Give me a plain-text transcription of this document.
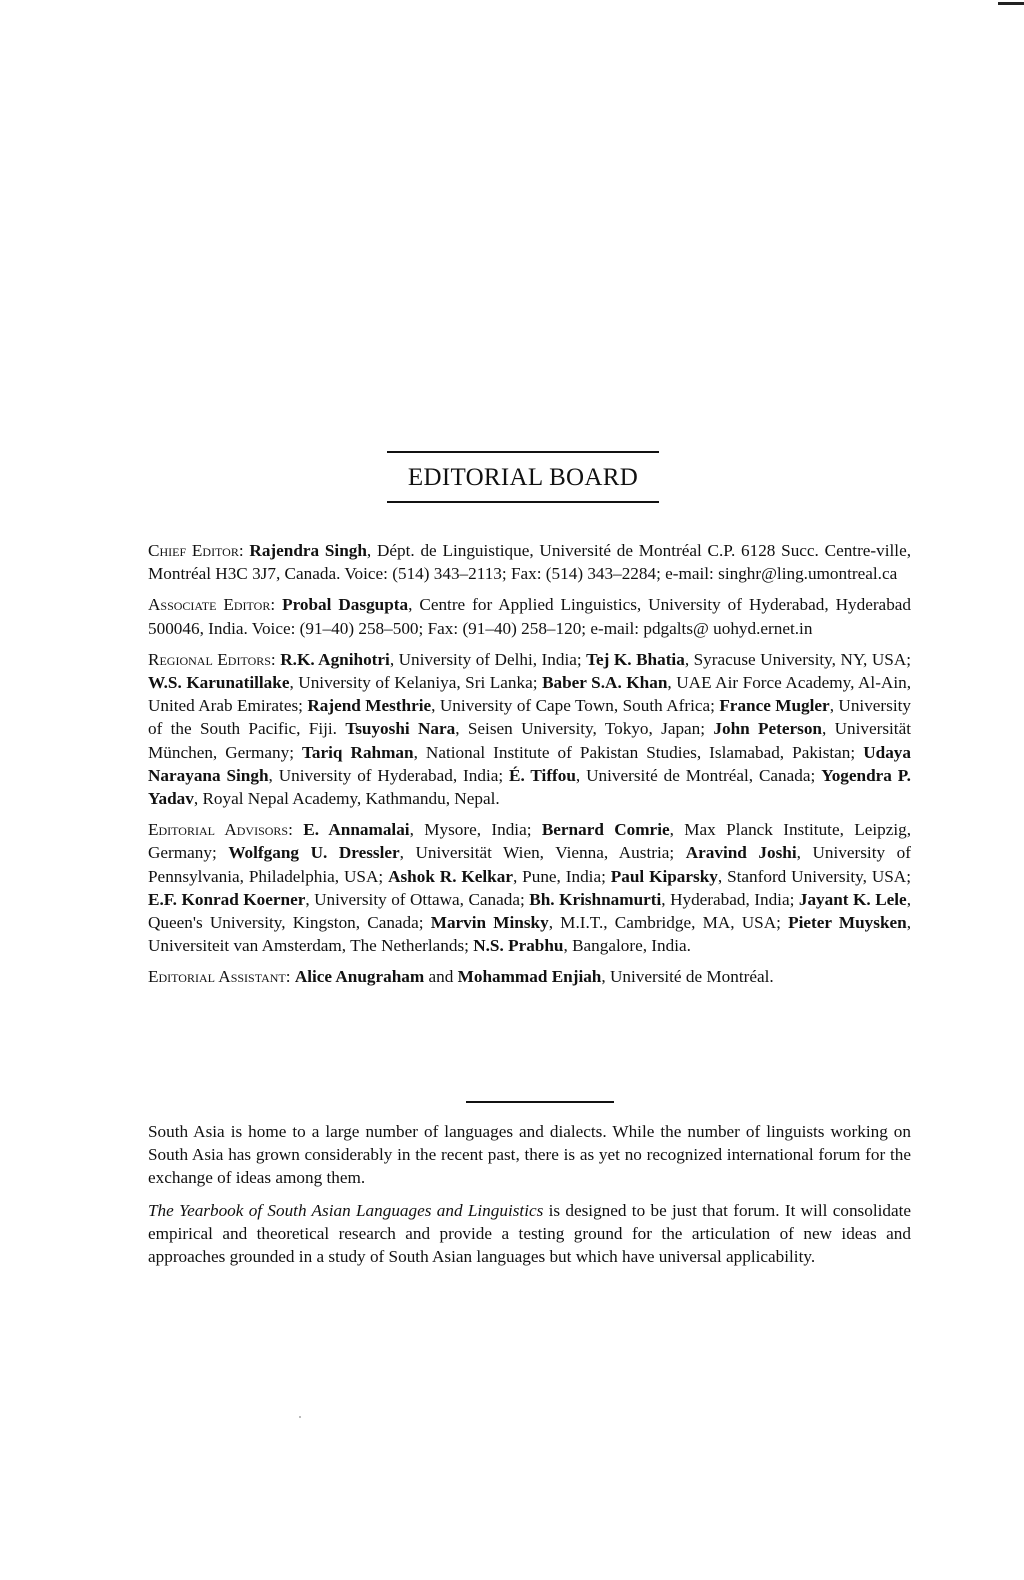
EDITORIAL BOARD

Chief Editor: Rajendra Singh, Dépt. de Linguistique, Université de Montréal C.P. 6128 Succ. Centre-ville, Montréal H3C 3J7, Canada. Voice: (514) 343–2113; Fax: (514) 343–2284; e-mail: singhr@ling.umontreal.ca

Associate Editor: Probal Dasgupta, Centre for Applied Linguistics, University of Hyderabad, Hyderabad 500046, India. Voice: (91–40) 258–500; Fax: (91–40) 258–120; e-mail: pdgalts@ uohyd.ernet.in

Regional Editors: R.K. Agnihotri, University of Delhi, India; Tej K. Bhatia, Syracuse University, NY, USA; W.S. Karunatillake, University of Kelaniya, Sri Lanka; Baber S.A. Khan, UAE Air Force Academy, Al-Ain, United Arab Emirates; Rajend Mesthrie, University of Cape Town, South Africa; France Mugler, University of the South Pacific, Fiji. Tsuyoshi Nara, Seisen University, Tokyo, Japan; John Peterson, Universität München, Germany; Tariq Rahman, National Institute of Pakistan Studies, Islamabad, Pakistan; Udaya Narayana Singh, University of Hyderabad, India; É. Tiffou, Université de Montréal, Canada; Yogendra P. Yadav, Royal Nepal Academy, Kathmandu, Nepal.

Editorial Advisors: E. Annamalai, Mysore, India; Bernard Comrie, Max Planck Institute, Leipzig, Germany; Wolfgang U. Dressler, Universität Wien, Vienna, Austria; Aravind Joshi, University of Pennsylvania, Philadelphia, USA; Ashok R. Kelkar, Pune, India; Paul Kiparsky, Stanford University, USA; E.F. Konrad Koerner, University of Ottawa, Canada; Bh. Krishnamurti, Hyderabad, India; Jayant K. Lele, Queen's University, Kingston, Canada; Marvin Minsky, M.I.T., Cambridge, MA, USA; Pieter Muysken, Universiteit van Amsterdam, The Netherlands; N.S. Prabhu, Bangalore, India.

Editorial Assistant: Alice Anugraham and Mohammad Enjiah, Université de Montréal.

South Asia is home to a large number of languages and dialects. While the number of linguists working on South Asia has grown considerably in the recent past, there is as yet no recognized international forum for the exchange of ideas among them.

The Yearbook of South Asian Languages and Linguistics is designed to be just that forum. It will consolidate empirical and theoretical research and provide a testing ground for the articulation of new ideas and approaches grounded in a study of South Asian languages but which have universal applicability.
